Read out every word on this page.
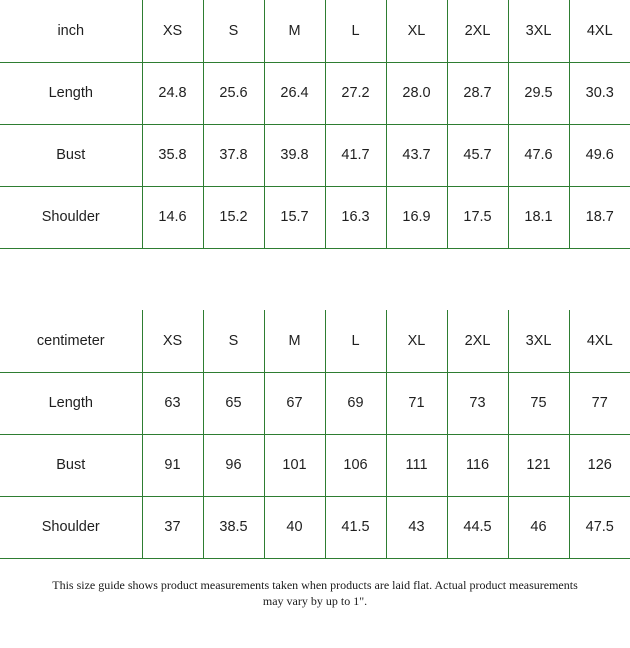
inch	XS	S	M	L	XL	2XL	3XL	4XL
Length	24.8	25.6	26.4	27.2	28.0	28.7	29.5	30.3
Bust	35.8	37.8	39.8	41.7	43.7	45.7	47.6	49.6
Shoulder	14.6	15.2	15.7	16.3	16.9	17.5	18.1	18.7

centimeter	XS	S	M	L	XL	2XL	3XL	4XL
Length	63	65	67	69	71	73	75	77
Bust	91	96	101	106	111	116	121	126
Shoulder	37	38.5	40	41.5	43	44.5	46	47.5
This size guide shows product measurements taken when products are laid flat. Actual product measurements
may vary by up to 1".
